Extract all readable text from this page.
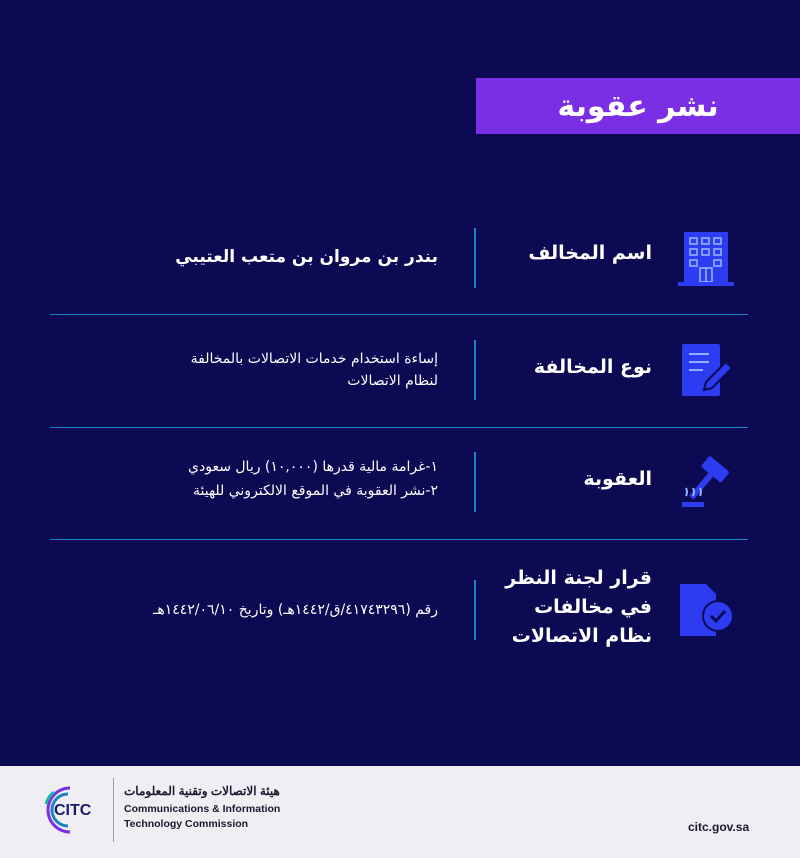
نشر عقوبة
اسم المخالف
بندر بن مروان بن متعب العتيبي
نوع المخالفة
إساءة استخدام خدمات الاتصالات بالمخالفة
لنظام الاتصالات
العقوبة
١-غرامة مالية قدرها (١٠,٠٠٠) ريال سعودي
٢-نشر العقوبة في الموقع الالكتروني للهيئة
قرار لجنة النظر
في مخالفات
نظام الاتصالات
رقم (٤١٧٤٣٢٩٦/ق/١٤٤٢هـ) وتاريخ ١٤٤٢/٠٦/١٠هـ
CITC
هيئة الاتصالات وتقنية المعلومات
Communications & Information
Technology Commission	citc.gov.sa
